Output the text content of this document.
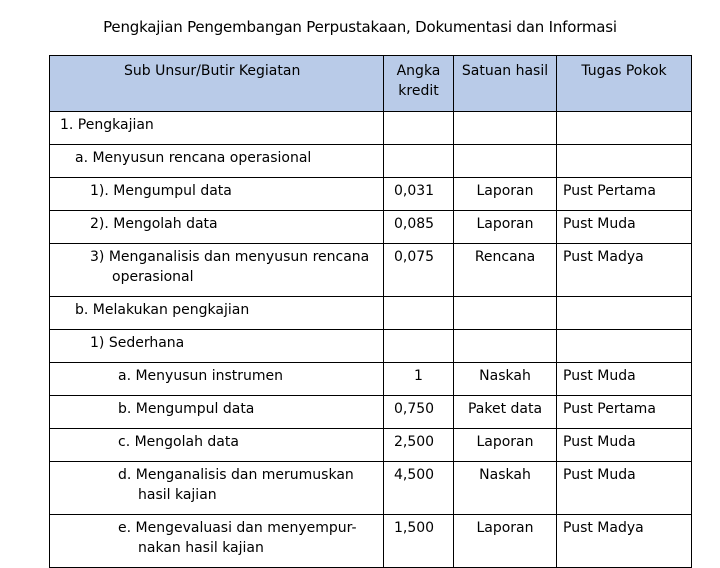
Pengkajian Pengembangan Perpustakaan, Dokumentasi dan Informasi
Sub Unsur/Butir Kegiatan	Angka kredit	Satuan hasil	Tugas Pokok
1. Pengkajian			
a. Menyusun rencana operasional			
1). Mengumpul data	0,031	Laporan	Pust Pertama
2). Mengolah data	0,085	Laporan	Pust Muda

3) Menganalisis dan menyusun rencana operasional	0,075	Rencana	Pust Madya
b. Melakukan pengkajian			
1) Sederhana			
a. Menyusun instrumen	1	Naskah	Pust Muda
b. Mengumpul data	0,750	Paket data	Pust Pertama
c. Mengolah data	2,500	Laporan	Pust Muda

d. Menganalisis dan merumuskan hasil kajian	4,500	Naskah	Pust Muda

e. Mengevaluasi dan menyempur-nakan hasil kajian	1,500	Laporan	Pust Madya
